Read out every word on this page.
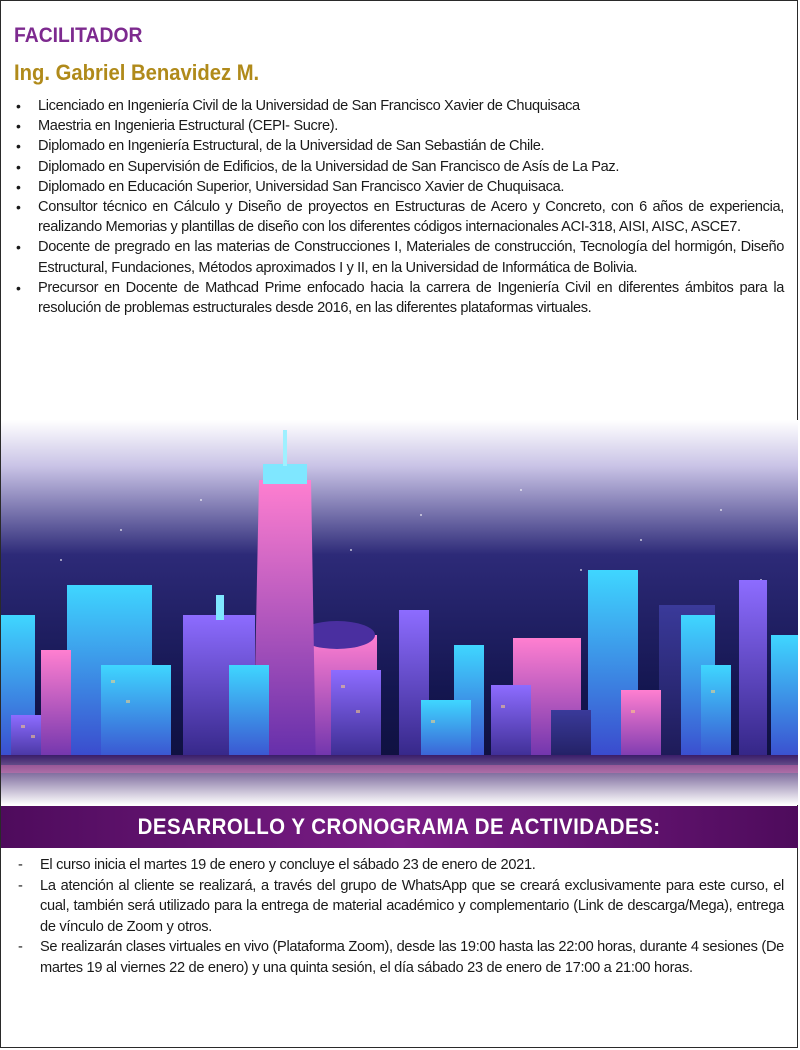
FACILITADOR
Ing. Gabriel Benavidez M.
• Licenciado en Ingeniería Civil de la Universidad de San Francisco Xavier de Chuquisaca
• Maestria en Ingenieria Estructural (CEPI- Sucre).
• Diplomado en Ingeniería Estructural, de la Universidad de San Sebastián de Chile.
• Diplomado en Supervisión de Edificios, de la Universidad de San Francisco de Asís de La Paz.
• Diplomado en Educación Superior, Universidad San Francisco Xavier de Chuquisaca.
• Consultor técnico en Cálculo y Diseño de proyectos en Estructuras de Acero y Concreto, con 6 años de experiencia, realizando Memorias y plantillas de diseño con los diferentes códigos internacionales ACI-318, AISI, AISC, ASCE7.
• Docente de pregrado en las materias de Construcciones I, Materiales de construcción, Tecnología del hormigón, Diseño Estructural, Fundaciones, Métodos aproximados I y II, en la Universidad de Informática de Bolivia.
• Precursor en Docente de Mathcad Prime enfocado hacia la carrera de Ingeniería Civil en diferentes ámbitos para la resolución de problemas estructurales desde 2016, en las diferentes plataformas virtuales.
DESARROLLO Y CRONOGRAMA DE ACTIVIDADES:
- El curso inicia el martes 19 de enero y concluye el sábado 23 de enero de 2021.
- La atención al cliente se realizará, a través del grupo de WhatsApp que se creará exclusivamente para este curso, el cual, también será utilizado para la entrega de material académico y complementario (Link de descarga/Mega), entrega de vínculo de Zoom y otros.
- Se realizarán clases virtuales en vivo (Plataforma Zoom), desde las 19:00 hasta las 22:00 horas, durante 4 sesiones (De martes 19 al viernes 22 de enero) y una quinta sesión, el día sábado 23 de enero de 17:00 a 21:00 horas.
